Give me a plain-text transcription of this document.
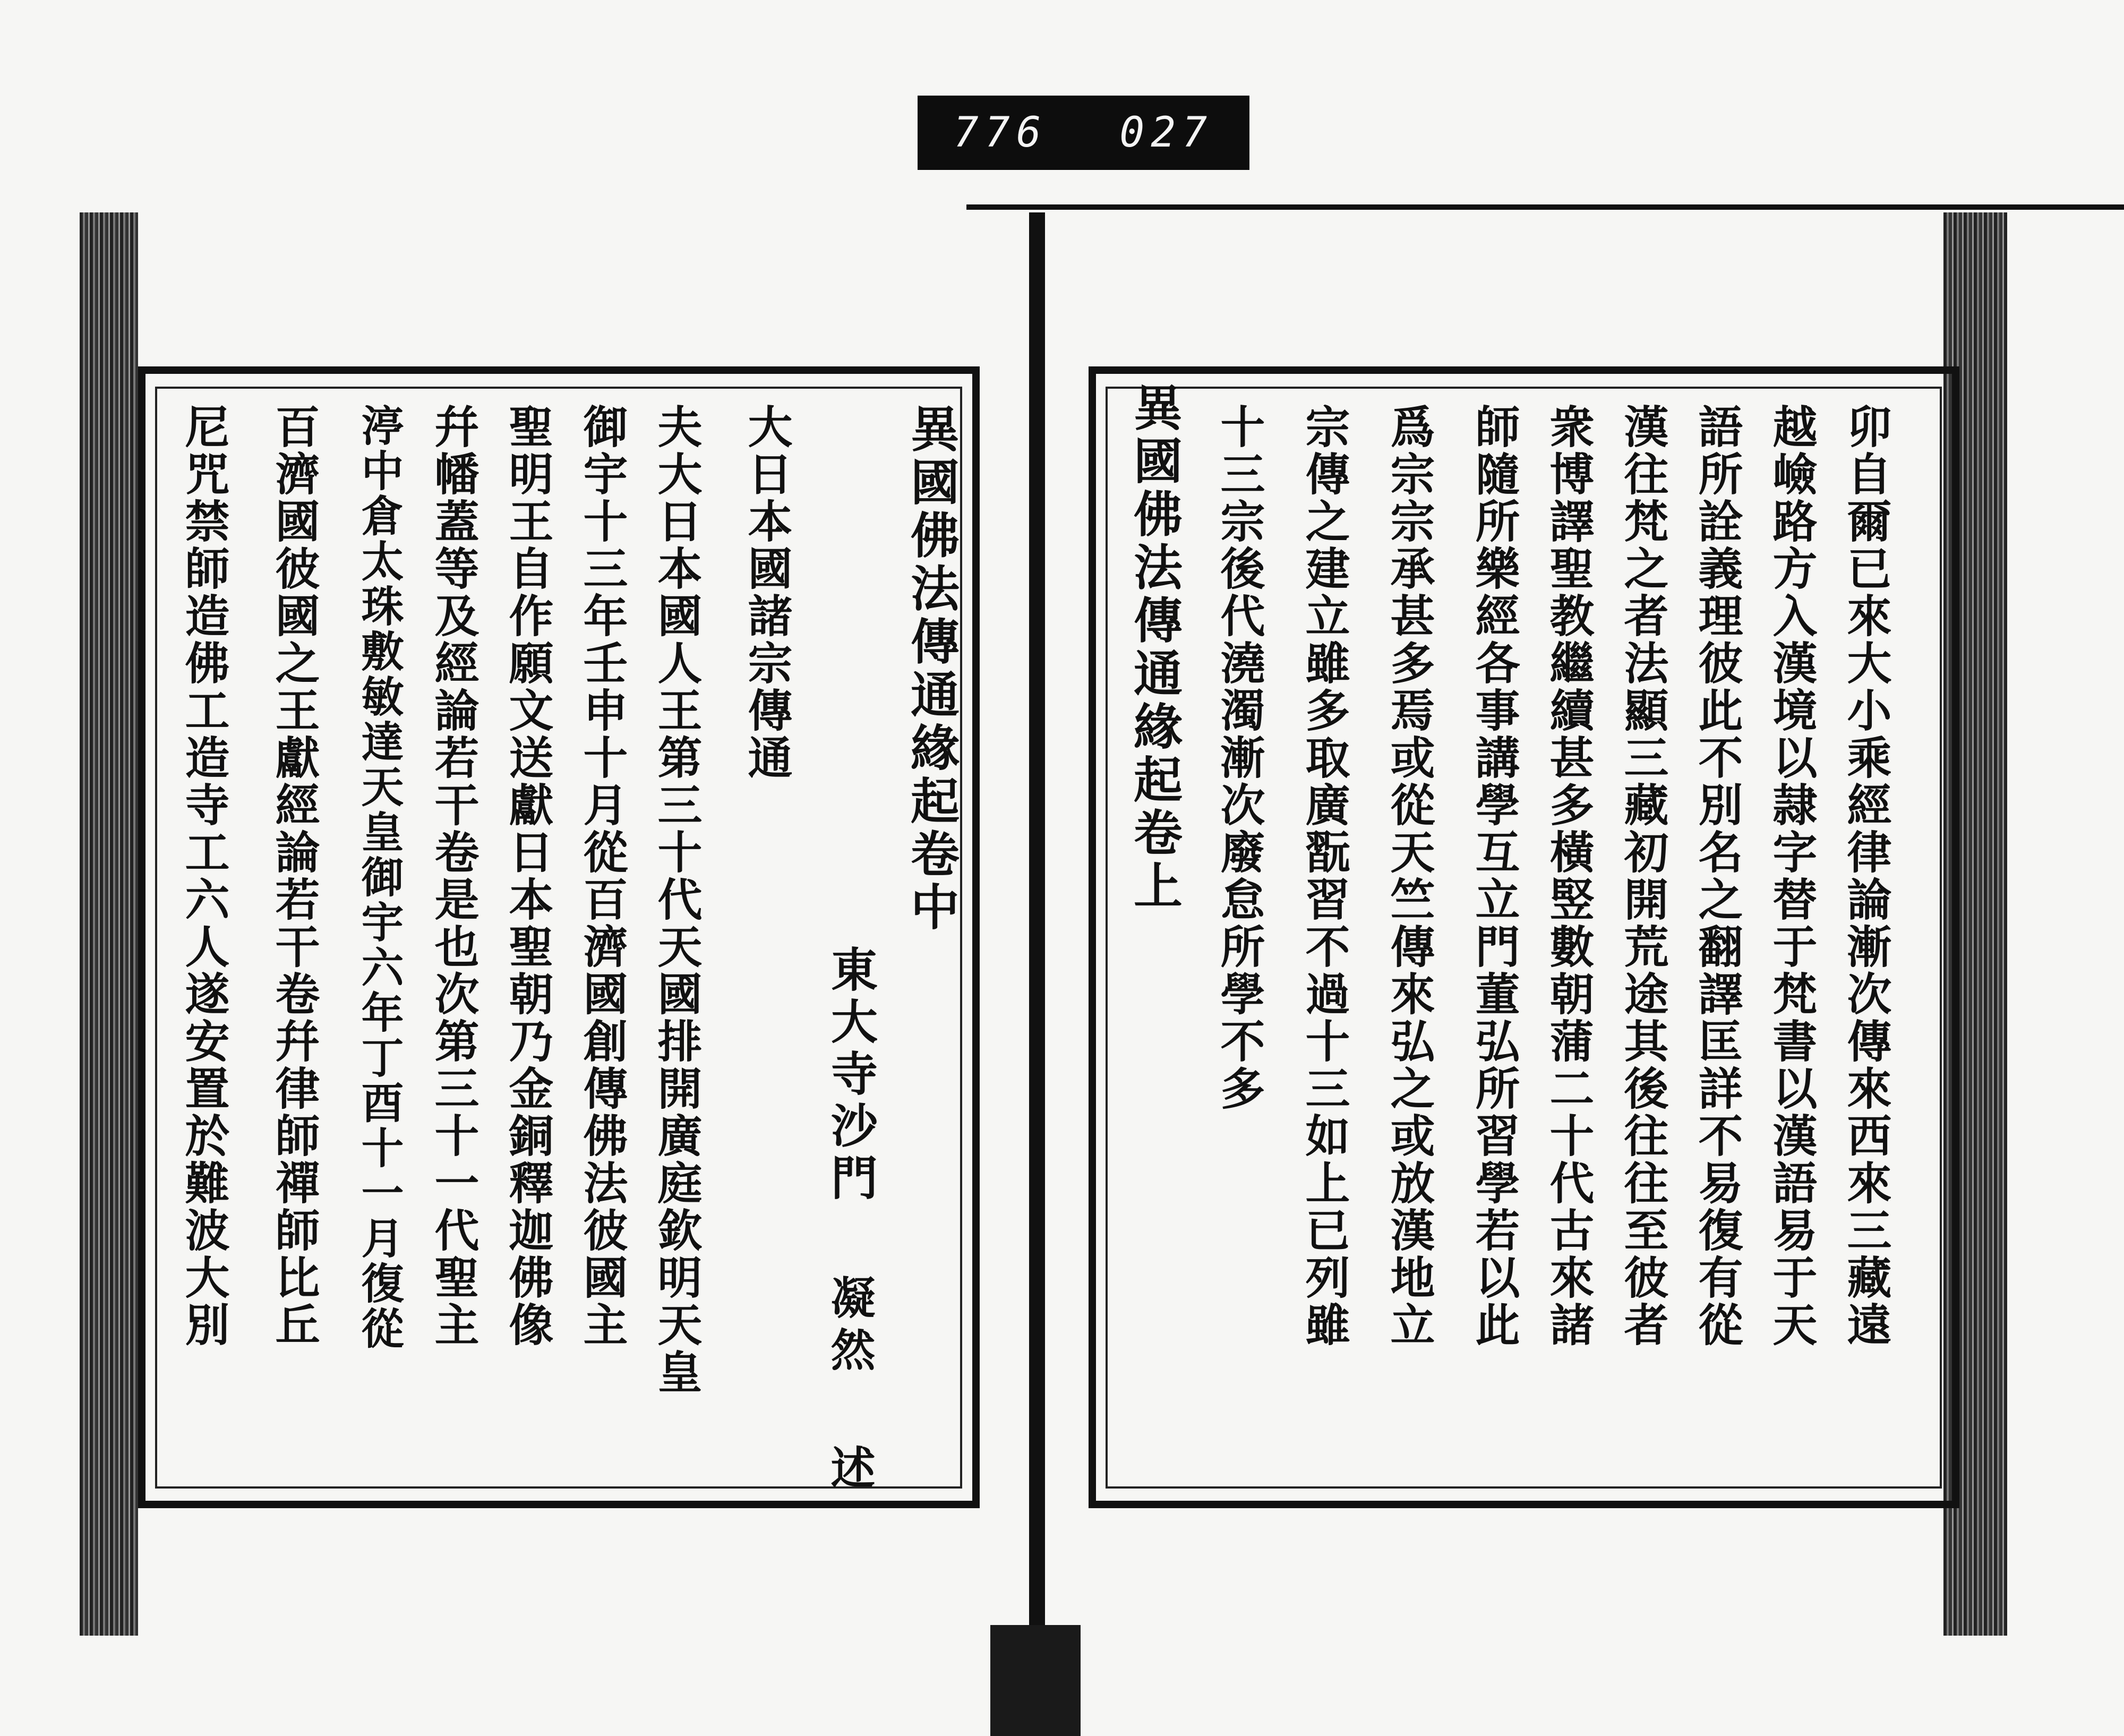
776 027
異國佛法傳通緣起卷中
東大寺沙門
凝然
述
大日本國諸宗傳通
夫大日本國人王第三十代天國排開廣庭欽明天皇
御宇十三年壬申十月從百濟國創傳佛法彼國主
聖明王自作願文送獻日本聖朝乃金銅釋迦佛像
幷幡蓋等及經論若干卷是也次第三十一代聖主
渟中倉太珠敷敏達天皇御宇六年丁酉十一月復從
百濟國彼國之王獻經論若干卷幷律師禪師比丘
尼咒禁師造佛工造寺工六人遂安置於難波大別	卯自爾已來大小乘經律論漸次傳來西來三藏遠
越嶮路方入漢境以隷字替于梵書以漢語易于天
語所詮義理彼此不別名之翻譯匡詳不易復有從
漢往梵之者法顯三藏初開荒途其後往往至彼者
衆博譯聖教繼續甚多橫竪數朝蒲二十代古來諸
師隨所樂經各事講學互立門董弘所習學若以此
爲宗宗承甚多焉或從天竺傳來弘之或放漢地立
宗傳之建立雖多取廣翫習不過十三如上已列雖
十三宗後代澆濁漸次廢怠所學不多
異國佛法傳通緣起卷上
